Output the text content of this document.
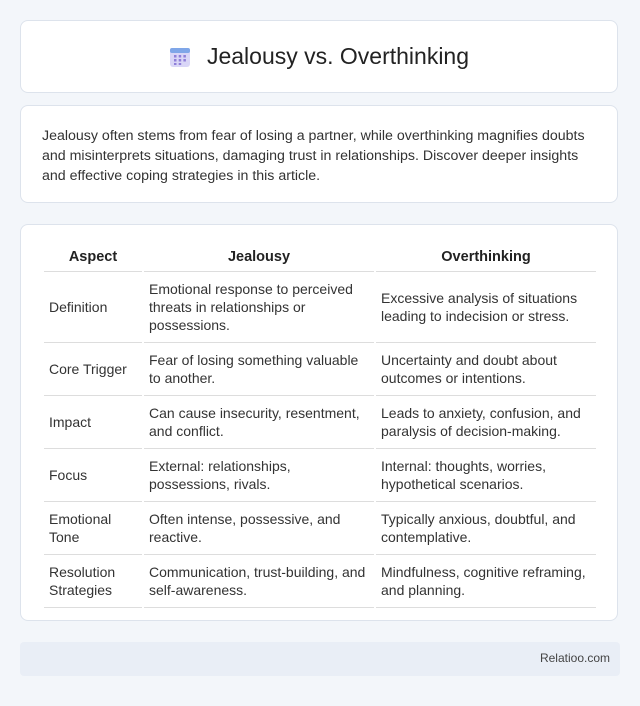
Jealousy vs. Overthinking

Jealousy often stems from fear of losing a partner, while overthinking magnifies doubts and misinterprets situations, damaging trust in relationships. Discover deeper insights and effective coping strategies in this article.

Aspect	Jealousy	Overthinking
Definition	Emotional response to perceived threats in relationships or possessions.	Excessive analysis of situations leading to indecision or stress.
Core Trigger	Fear of losing something valuable to another.	Uncertainty and doubt about outcomes or intentions.
Impact	Can cause insecurity, resentment, and conflict.	Leads to anxiety, confusion, and paralysis of decision-making.
Focus	External: relationships, possessions, rivals.	Internal: thoughts, worries, hypothetical scenarios.
Emotional Tone	Often intense, possessive, and reactive.	Typically anxious, doubtful, and contemplative.
Resolution Strategies	Communication, trust-building, and self-awareness.	Mindfulness, cognitive reframing, and planning.
Relatioo.com
